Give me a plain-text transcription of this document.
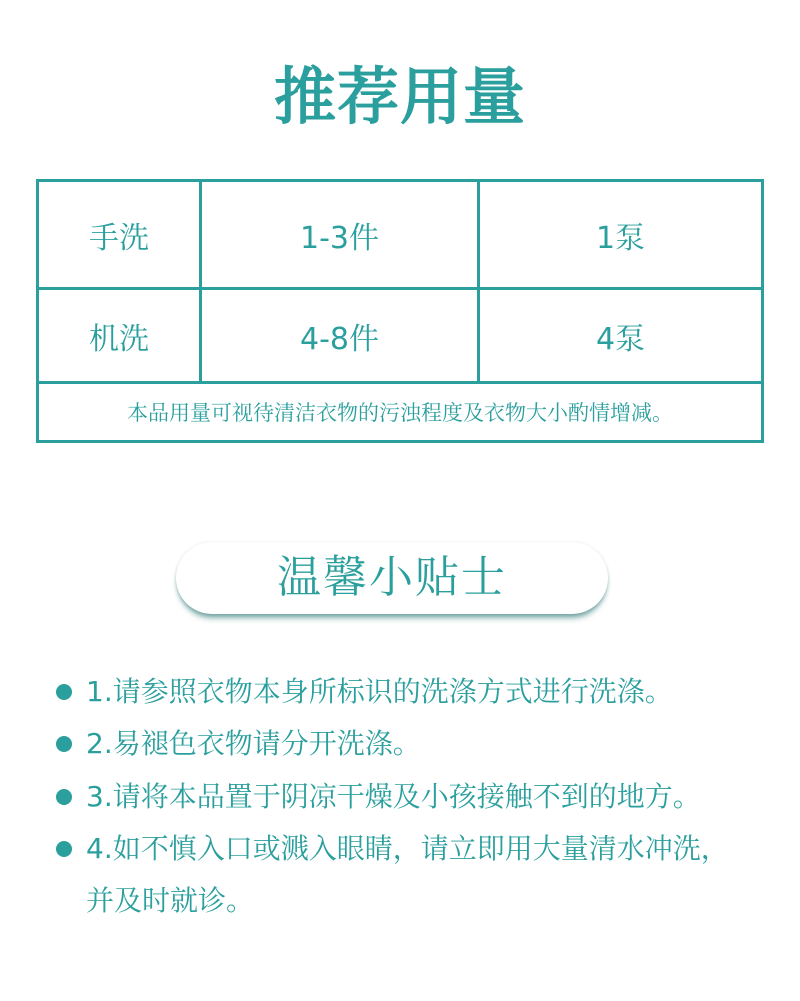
推荐用量
手洗	1-3件	1泵
机洗	4-8件	4泵
本品用量可视待清洁衣物的污浊程度及衣物大小酌情增减。
温馨小贴士
1.请参照衣物本身所标识的洗涤方式进行洗涤。
2.易褪色衣物请分开洗涤。
3.请将本品置于阴凉干燥及小孩接触不到的地方。
4.如不慎入口或溅入眼睛，请立即用大量清水冲洗，并及时就诊。
